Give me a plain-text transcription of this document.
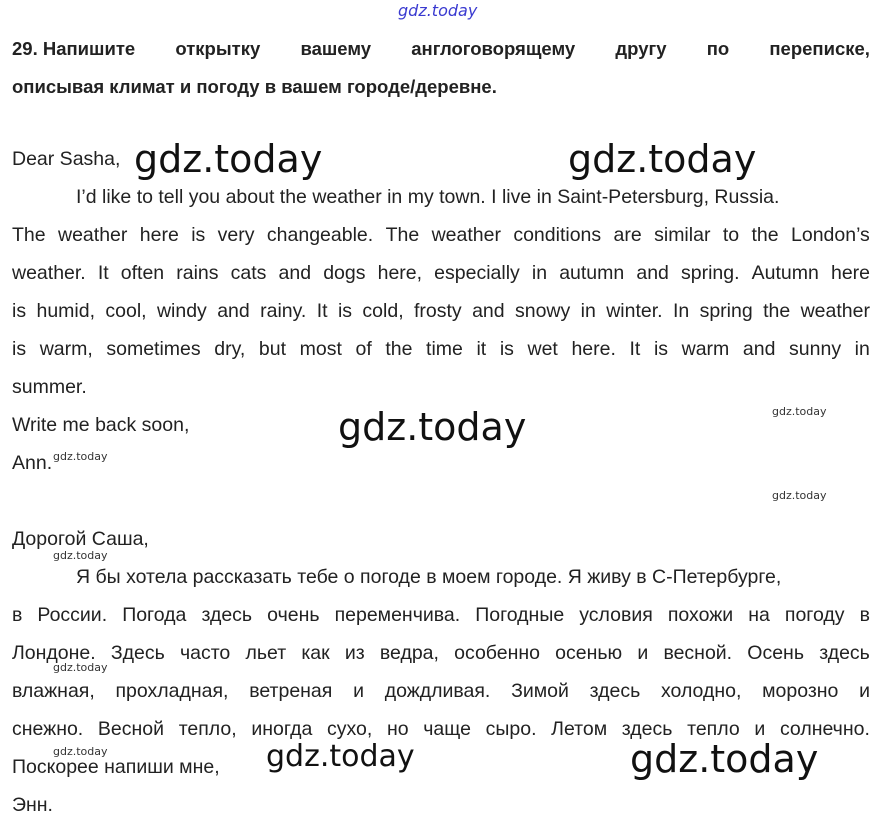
gdz.today
gdz.today	gdz.today
gdz.today
gdz.today	gdz.today
gdz.today
gdz.today
gdz.today
gdz.today
gdz.today
gdz.today
29. Напишите открытку вашему англоговорящему другу по переписке,
описывая климат и погоду в вашем городе/деревне.
Dear Sasha,
I’d like to tell you about the weather in my town. I live in Saint-Petersburg, Russia.
The weather here is very changeable. The weather conditions are similar to the London’s
weather. It often rains cats and dogs here, especially in autumn and spring. Autumn here
is humid, cool, windy and rainy. It is cold, frosty and snowy in winter. In spring the weather
is warm, sometimes dry, but most of the time it is wet here. It is warm and sunny in
summer.
Write me back soon,
Ann.
Дорогой Саша,
Я бы хотела рассказать тебе о погоде в моем городе. Я живу в С-Петербурге,
в России. Погода здесь очень переменчива. Погодные условия похожи на погоду в
Лондоне. Здесь часто льет как из ведра, особенно осенью и весной. Осень здесь
влажная, прохладная, ветреная и дождливая. Зимой здесь холодно, морозно и
снежно. Весной тепло, иногда сухо, но чаще сыро. Летом здесь тепло и солнечно.
Поскорее напиши мне,
Энн.
